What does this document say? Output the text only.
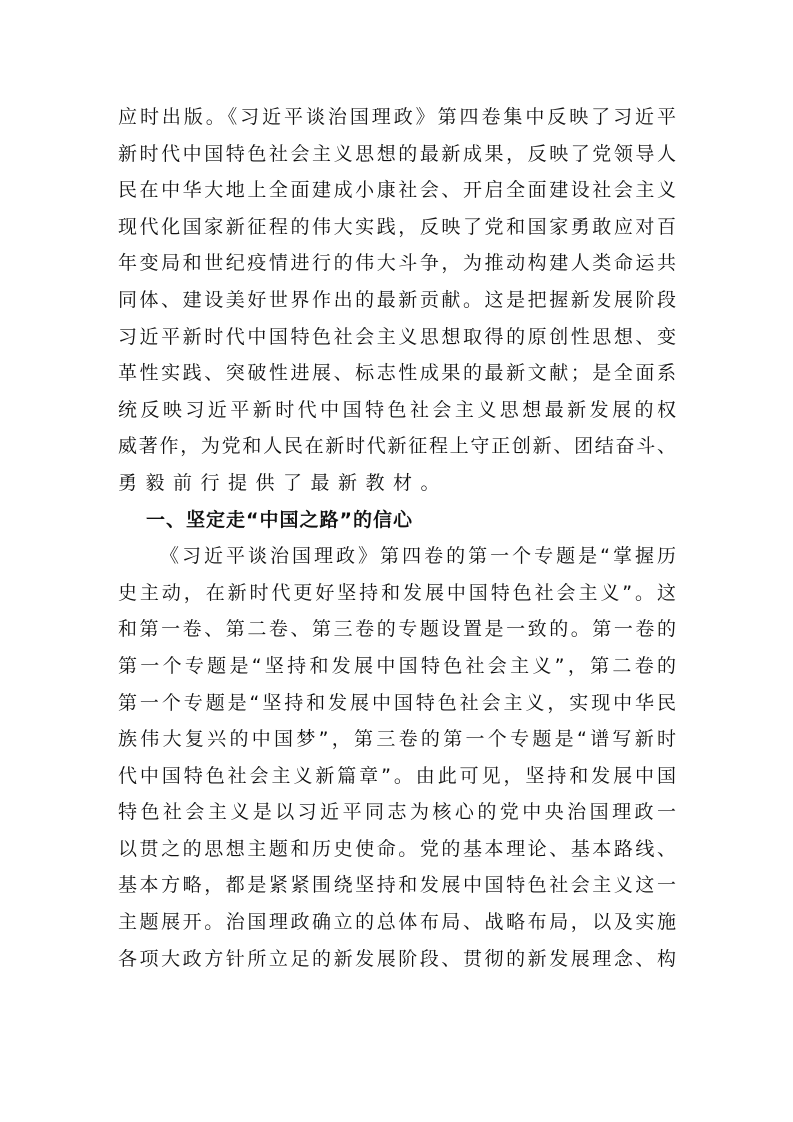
应时出版。《习近平谈治国理政》第四卷集中反映了习近平
新时代中国特色社会主义思想的最新成果，反映了党领导人
民在中华大地上全面建成小康社会、开启全面建设社会主义
现代化国家新征程的伟大实践，反映了党和国家勇敢应对百
年变局和世纪疫情进行的伟大斗争，为推动构建人类命运共
同体、建设美好世界作出的最新贡献。这是把握新发展阶段
习近平新时代中国特色社会主义思想取得的原创性思想、变
革性实践、突破性进展、标志性成果的最新文献；是全面系
统反映习近平新时代中国特色社会主义思想最新发展的权
威著作，为党和人民在新时代新征程上守正创新、团结奋斗、
勇毅前行提供了最新教材。
一、坚定走“中国之路”的信心
《习近平谈治国理政》第四卷的第一个专题是“掌握历
史主动，在新时代更好坚持和发展中国特色社会主义”。这
和第一卷、第二卷、第三卷的专题设置是一致的。第一卷的
第一个专题是“坚持和发展中国特色社会主义”，第二卷的
第一个专题是“坚持和发展中国特色社会主义，实现中华民
族伟大复兴的中国梦”，第三卷的第一个专题是“谱写新时
代中国特色社会主义新篇章”。由此可见，坚持和发展中国
特色社会主义是以习近平同志为核心的党中央治国理政一
以贯之的思想主题和历史使命。党的基本理论、基本路线、
基本方略，都是紧紧围绕坚持和发展中国特色社会主义这一
主题展开。治国理政确立的总体布局、战略布局，以及实施
各项大政方针所立足的新发展阶段、贯彻的新发展理念、构
